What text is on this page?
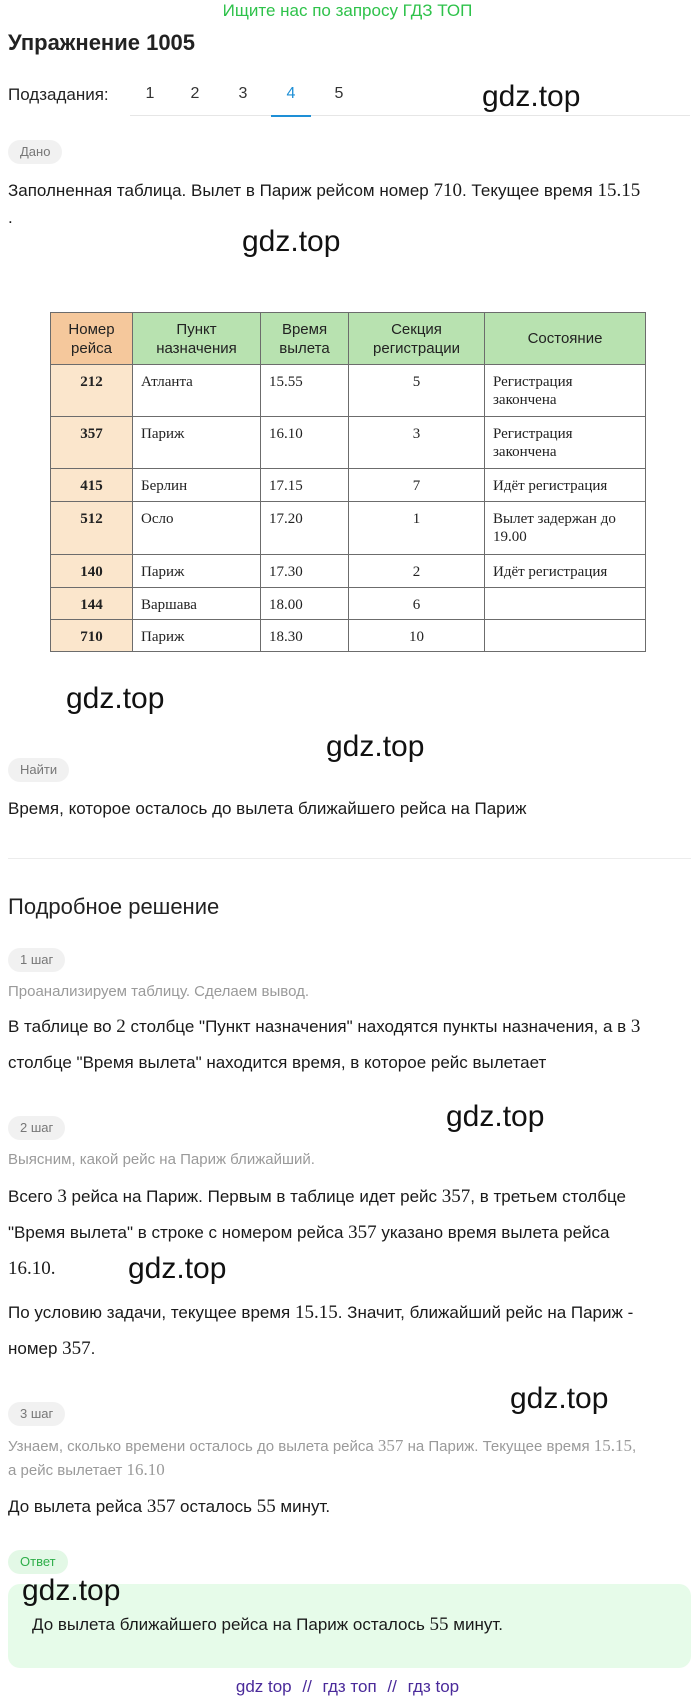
Ищите нас по запросу ГДЗ ТОП
Упражнение 1005
Подзадания:	1	2	3	4	5	gdz.top
gdz.top
gdz.top
gdz.top
gdz.top
gdz.top
gdz.top
gdz.top
Дано
Заполненная таблица. Вылет в Париж рейсом номер 710. Текущее время 15.15
.
Номер рейса	Пункт назначения	Время вылета	Секция регистрации	Состояние
212	Атланта	15.55	5	Регистрация закончена
357	Париж	16.10	3	Регистрация закончена
415	Берлин	17.15	7	Идёт регистрация
512	Осло	17.20	1	Вылет задержан до 19.00
140	Париж	17.30	2	Идёт регистрация
144	Варшава	18.00	6	
710	Париж	18.30	10	
Найти
Время, которое осталось до вылета ближайшего рейса на Париж
Подробное решение
1 шаг
Проанализируем таблицу. Сделаем вывод.
В таблице во 2 столбце "Пункт назначения" находятся пункты назначения, а в 3
столбце "Время вылета" находится время, в которое рейс вылетает
2 шаг
Выясним, какой рейс на Париж ближайший.
Всего 3 рейса на Париж. Первым в таблице идет рейс 357, в третьем столбце
"Время вылета" в строке с номером рейса 357 указано время вылета рейса
16.10.
По условию задачи, текущее время 15.15. Значит, ближайший рейс на Париж -
номер 357.
3 шаг
Узнаем, сколько времени осталось до вылета рейса 357 на Париж. Текущее время 15.15,
а рейс вылетает 16.10
До вылета рейса 357 осталось 55 минут.
Ответ
До вылета ближайшего рейса на Париж осталось 55 минут.
gdz top // гдз топ // гдз top
